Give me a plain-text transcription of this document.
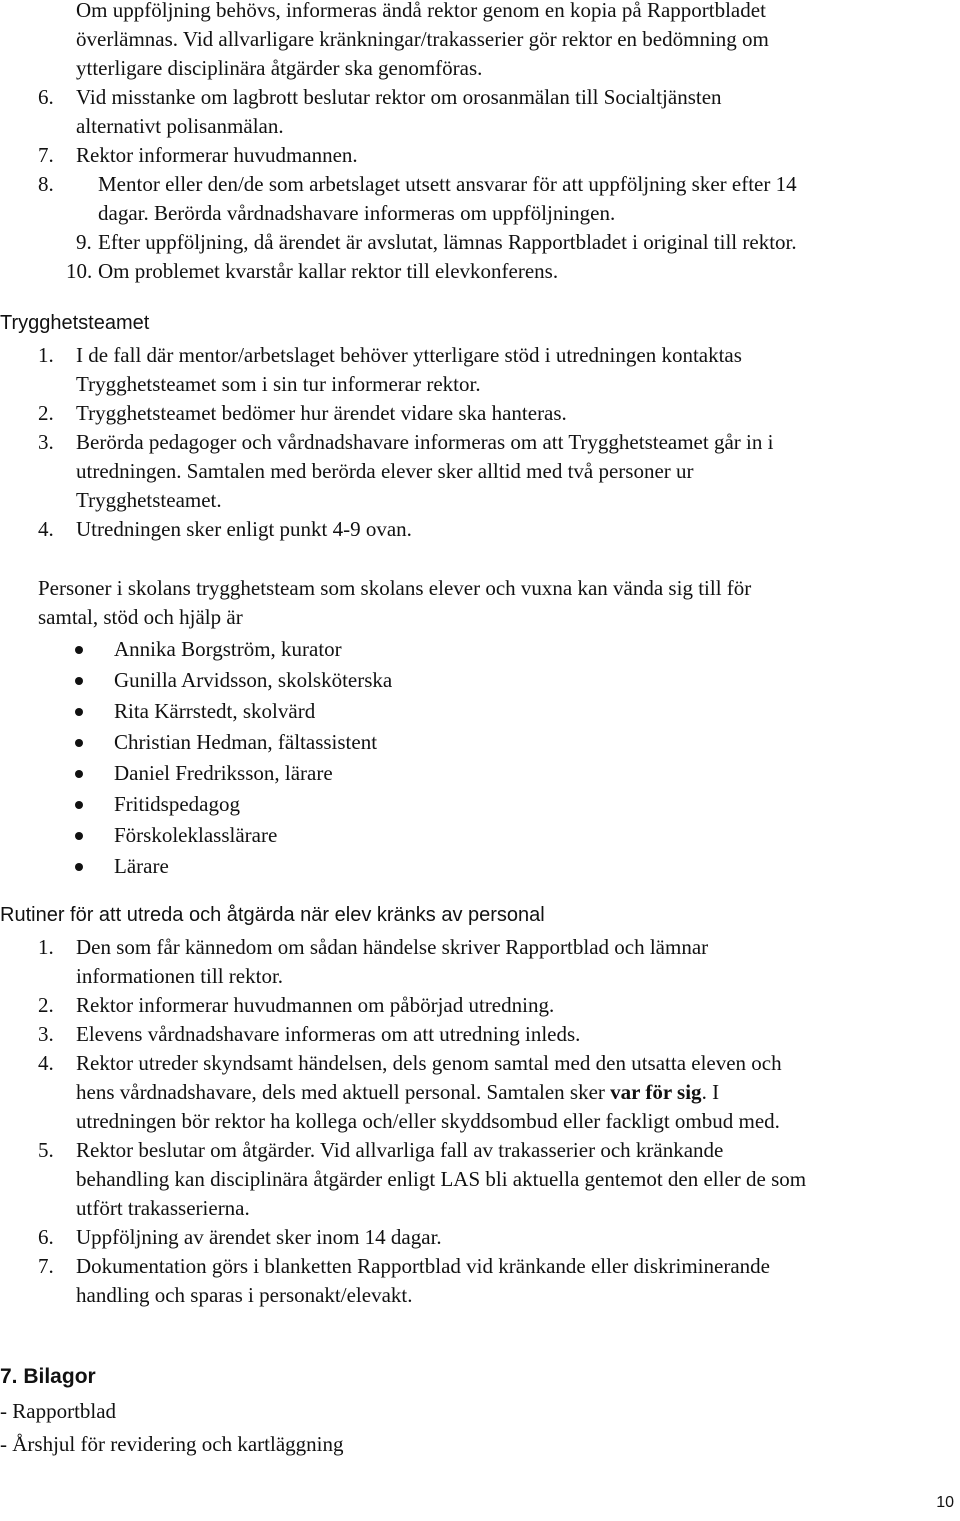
Om uppföljning behövs, informeras ändå rektor genom en kopia på Rapportbladet
överlämnas. Vid allvarligare kränkningar/trakasserier gör rektor en bedömning om
ytterligare disciplinära åtgärder ska genomföras.
6. Vid misstanke om lagbrott beslutar rektor om orosanmälan till Socialtjänsten
alternativt polisanmälan.
7. Rektor informerar huvudmannen.
8. Mentor eller den/de som arbetslaget utsett ansvarar för att uppföljning sker efter 14
dagar. Berörda vårdnadshavare informeras om uppföljningen.
9. Efter uppföljning, då ärendet är avslutat, lämnas Rapportbladet i original till rektor.
10. Om problemet kvarstår kallar rektor till elevkonferens.
Trygghetsteamet
1. I de fall där mentor/arbetslaget behöver ytterligare stöd i utredningen kontaktas
Trygghetsteamet som i sin tur informerar rektor.
2. Trygghetsteamet bedömer hur ärendet vidare ska hanteras.
3. Berörda pedagoger och vårdnadshavare informeras om att Trygghetsteamet går in i
utredningen. Samtalen med berörda elever sker alltid med två personer ur
Trygghetsteamet.
4. Utredningen sker enligt punkt 4-9 ovan.
Personer i skolans trygghetsteam som skolans elever och vuxna kan vända sig till för
samtal, stöd och hjälp är
Annika Borgström, kurator
Gunilla Arvidsson, skolsköterska
Rita Kärrstedt, skolvärd
Christian Hedman, fältassistent
Daniel Fredriksson, lärare
Fritidspedagog
Förskoleklasslärare
Lärare
Rutiner för att utreda och åtgärda när elev kränks av personal
1. Den som får kännedom om sådan händelse skriver Rapportblad och lämnar
informationen till rektor.
2. Rektor informerar huvudmannen om påbörjad utredning.
3. Elevens vårdnadshavare informeras om att utredning inleds.
4. Rektor utreder skyndsamt händelsen, dels genom samtal med den utsatta eleven och
hens vårdnadshavare, dels med aktuell personal. Samtalen sker var för sig. I
utredningen bör rektor ha kollega och/eller skyddsombud eller fackligt ombud med.
5. Rektor beslutar om åtgärder. Vid allvarliga fall av trakasserier och kränkande
behandling kan disciplinära åtgärder enligt LAS bli aktuella gentemot den eller de som
utfört trakasserierna.
6. Uppföljning av ärendet sker inom 14 dagar.
7. Dokumentation görs i blanketten Rapportblad vid kränkande eller diskriminerande
handling och sparas i personakt/elevakt.
7. Bilagor
- Rapportblad
- Årshjul för revidering och kartläggning
10
